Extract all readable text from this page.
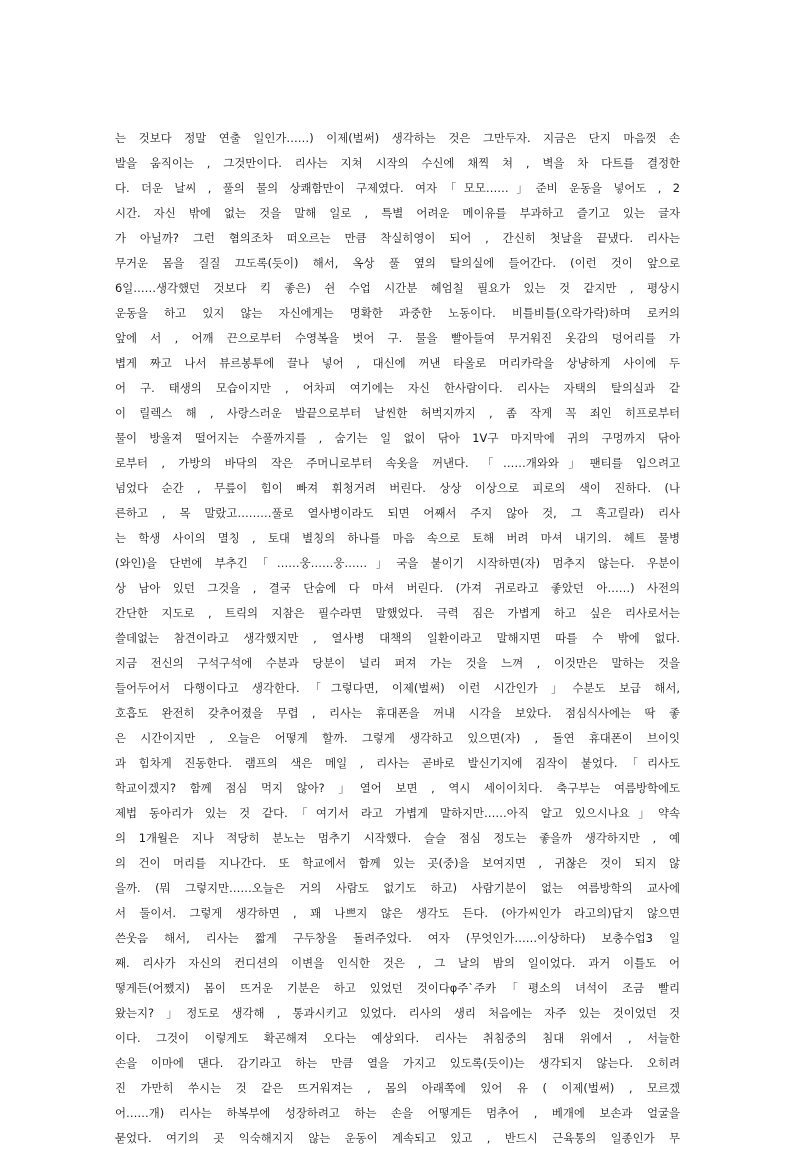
는 것보다 정말 연출 일인가……) 이제(벌써) 생각하는 것은 그만두자. 지금은 단지 마음껏 손
발을 움직이는 , 그것만이다. 리사는 지쳐 시작의 수신에 채찍 쳐 , 벽을 차 다트를 결정한
다. 더운 날씨 , 풀의 물의 상쾌함만이 구제였다. 여자「모모……」준비 운동을 넣어도 , 2
시간. 자신 밖에 없는 것을 말해 일로 , 특별 어려운 메이유를 부과하고 즐기고 있는 글자
가 아닐까? 그런 혐의조차 떠오르는 만큼 착실히영이 되어 , 간신히 첫날을 끝냈다. 리사는
무거운 몸을 질질 끄도록(듯이) 해서, 옥상 풀 옆의 탈의실에 들어간다. (이런 것이 앞으로
6일……생각했던 것보다 킥 좋은) 쉰 수업 시간분 헤엄칠 필요가 있는 것 같지만 , 평상시
운동을 하고 있지 않는 자신에게는 명확한 과중한 노동이다. 비틀비틀(오락가락)하며 로커의
앞에 서 , 어깨 끈으로부터 수영복을 벗어 구. 물을 빨아들여 무거워진 옷감의 덩어리를 가
볍게 짜고 나서 뷰르봉투에 끌나 넣어 , 대신에 꺼낸 타올로 머리카락을 상냥하게 사이에 두
어 구. 태생의 모습이지만 , 어차피 여기에는 자신 한사람이다. 리사는 자택의 탈의실과 같
이 릴렉스 해 , 사랑스러운 발끝으로부터 날씬한 허벅지까지 , 좀 작게 꼭 죄인 히프로부터
물이 방울져 떨어지는 수풀까지를 , 숨기는 일 없이 닦아 1V구 마지막에 귀의 구멍까지 닦아
로부터 , 가방의 바닥의 작은 주머니로부터 속옷을 꺼낸다. 「……개와와」팬티를 입으려고
넘었다 순간 , 무릎이 힘이 빠져 휘청거려 버린다. 상상 이상으로 피로의 색이 진하다. (나
른하고 , 목 말랐고………풀로 열사병이라도 되면 어째서 주지 않아 것, 그 흑고릴라) 리사
는 학생 사이의 멸칭 , 토대 별칭의 하나를 마음 속으로 토해 버려 마셔 내기의. 헤트 물병
(와인)을 단번에 부추긴「……웅……웅……」국을 붙이기 시작하면(자) 멈추지 않는다. 우분이
상 남아 있던 그것을 , 결국 단숨에 다 마셔 버린다. (가져 귀로라고 좋았던 아……) 사전의
간단한 지도로 , 트릭의 지참은 필수라면 말했었다. 극력 짐은 가볍게 하고 싶은 리사로서는
쓸데없는 참견이라고 생각했지만 , 열사병 대책의 일환이라고 말해지면 따를 수 밖에 없다.
지금 전신의 구석구석에 수분과 당분이 널리 퍼져 가는 것을 느껴 , 이것만은 말하는 것을
들어두어서 다행이다고 생각한다.「그렇다면, 이제(벌써) 이런 시간인가 」수분도 보급 해서,
호흡도 완전히 갖추어졌을 무렵 , 리사는 휴대폰을 꺼내 시각을 보았다. 점심식사에는 딱 좋
은 시간이지만 , 오늘은 어떻게 할까. 그렇게 생각하고 있으면(자) , 돌연 휴대폰이 브이잇
과 힘차게 진동한다. 램프의 색은 메일 , 리사는 곧바로 발신기지에 짐작이 붙었다.「리사도
학교이겠지? 함께 점심 먹지 않아? 」열어 보면 , 역시 세이이치다. 축구부는 여름방학에도
제법 동아리가 있는 것 같다.「여기서 라고 가볍게 말하지만……아직 알고 있으시나요」약속
의 1개월은 지나 적당히 분노는 멈추기 시작했다. 슬슬 점심 정도는 좋을까 생각하지만 , 예
의 건이 머리를 지나간다. 또 학교에서 함께 있는 곳(중)을 보여지면 , 귀찮은 것이 되지 않
을까. (뭐 그렇지만……오늘은 거의 사람도 없기도 하고) 사람기분이 없는 여름방학의 교사에
서 둘이서. 그렇게 생각하면 , 꽤 나쁘지 않은 생각도 든다. (아가씨인가 라고의)답지 않으면
쓴웃음 해서, 리사는 짧게 구두창을 돌려주었다. 여자 (무엇인가……이상하다) 보충수업3 일
째. 리사가 자신의 컨디션의 이변을 인식한 것은 , 그 날의 밤의 일이었다. 과거 이틀도 어
떻게든(어쨌지) 몸이 뜨거운 기분은 하고 있었던 것이다φ주`주카「평소의 녀석이 조금 빨리
왔는지? 」정도로 생각해 , 통과시키고 있었다. 리사의 생리 처음에는 자주 있는 것이었던 것
이다. 그것이 이렇게도 확곤해져 오다는 예상외다. 리사는 취침중의 침대 위에서 , 서늘한
손을 이마에 댄다. 감기라고 하는 만큼 열을 가지고 있도록(듯이)는 생각되지 않는다. 오히려
진 가만히 쑤시는 것 같은 뜨거워져는 , 몸의 아래쪽에 있어 유 ( 이제(벌써) , 모르겠
어……개) 리사는 하복부에 성장하려고 하는 손을 어떻게든 멈추어 , 베개에 보손과 얼굴을
묻었다. 여기의 곳 익숙해지지 않는 운동이 계속되고 있고 , 반드시 근육통의 일종인가 무
